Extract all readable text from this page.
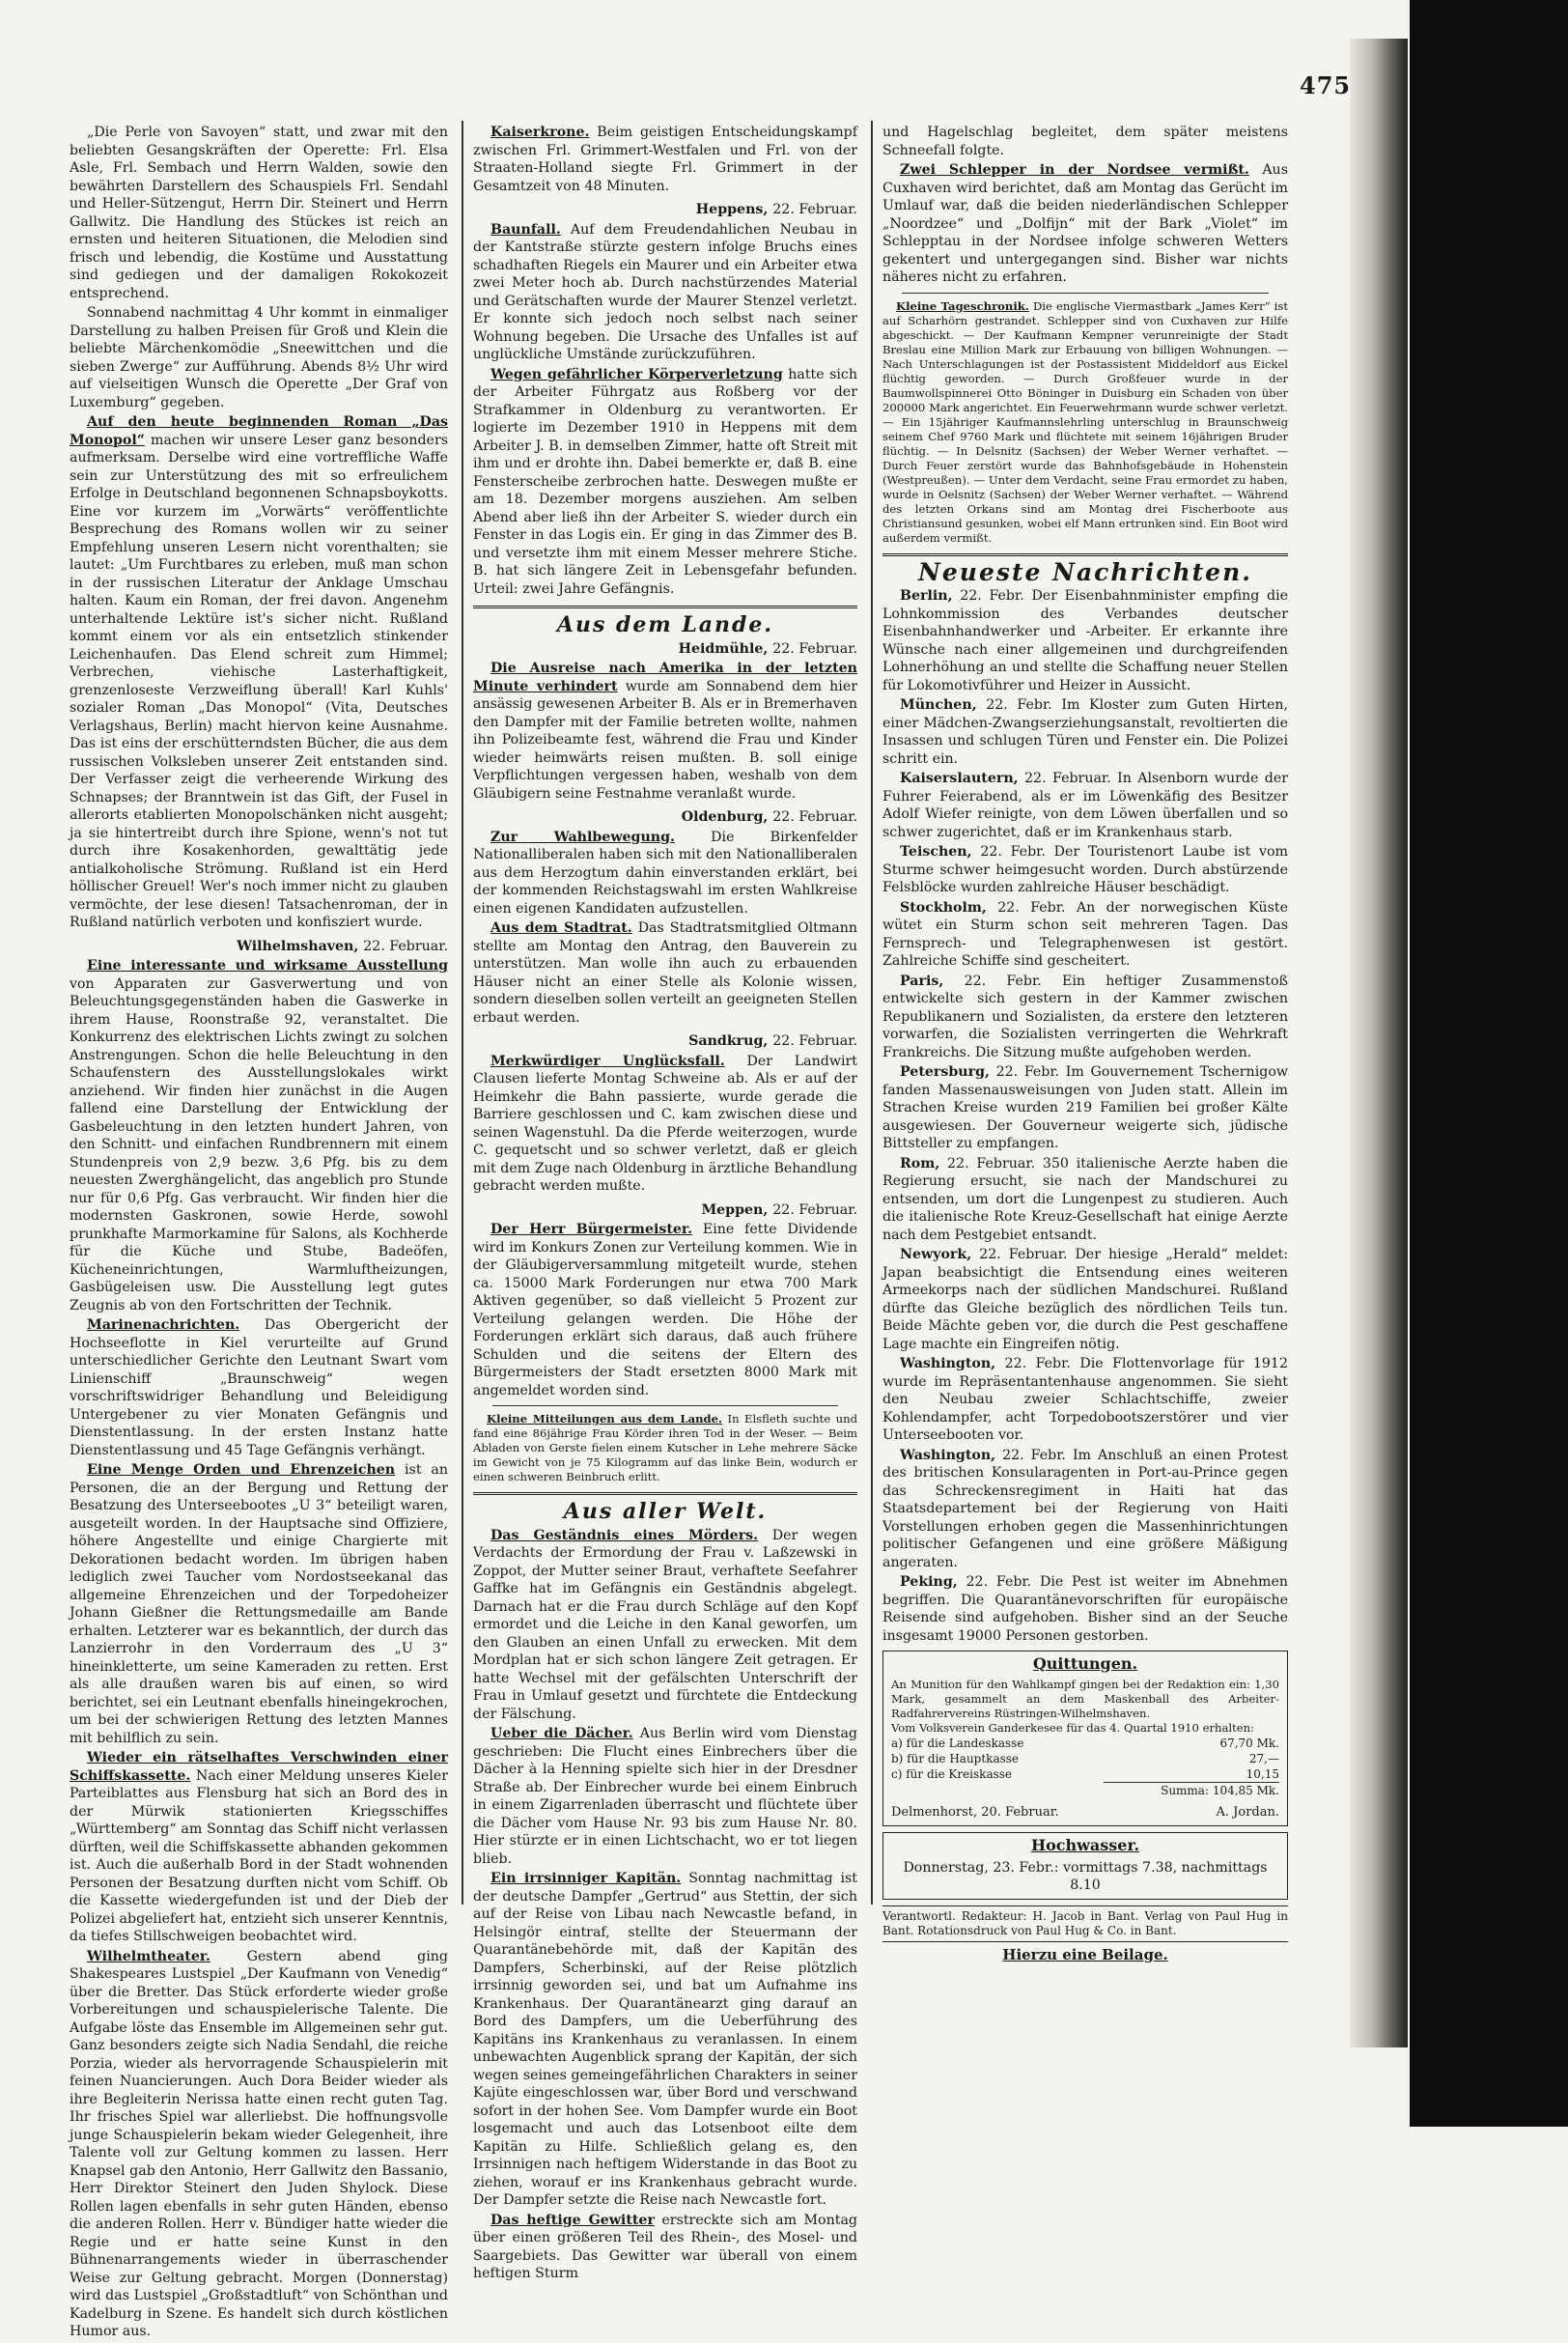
475

„Die Perle von Savoyen“ statt, und zwar mit den beliebten Gesangskräften der Operette: Frl. Elsa Asle, Frl. Sembach und Herrn Walden, sowie den bewährten Darstellern des Schauspiels Frl. Sendahl und Heller-Sützengut, Herrn Dir. Steinert und Herrn Gallwitz. Die Handlung des Stückes ist reich an ernsten und heiteren Situationen, die Melodien sind frisch und lebendig, die Kostüme und Ausstattung sind gediegen und der damaligen Rokokozeit entsprechend.

Sonnabend nachmittag 4 Uhr kommt in einmaliger Darstellung zu halben Preisen für Groß und Klein die beliebte Märchenkomödie „Sneewittchen und die sieben Zwerge“ zur Aufführung. Abends 8½ Uhr wird auf vielseitigen Wunsch die Operette „Der Graf von Luxemburg“ gegeben.

Auf den heute beginnenden Roman „Das Monopol“ machen wir unsere Leser ganz besonders aufmerksam. Derselbe wird eine vortreffliche Waffe sein zur Unterstützung des mit so erfreulichem Erfolge in Deutschland begonnenen Schnapsboykotts. Eine vor kurzem im „Vorwärts“ veröffentlichte Besprechung des Romans wollen wir zu seiner Empfehlung unseren Lesern nicht vorenthalten; sie lautet: „Um Furchtbares zu erleben, muß man schon in der russischen Literatur der Anklage Umschau halten. Kaum ein Roman, der frei davon. Angenehm unterhaltende Lektüre ist's sicher nicht. Rußland kommt einem vor als ein entsetzlich stinkender Leichenhaufen. Das Elend schreit zum Himmel; Verbrechen, viehische Lasterhaftigkeit, grenzenloseste Verzweiflung überall! Karl Kuhls' sozialer Roman „Das Monopol“ (Vita, Deutsches Verlagshaus, Berlin) macht hiervon keine Ausnahme. Das ist eins der erschütterndsten Bücher, die aus dem russischen Volksleben unserer Zeit entstanden sind. Der Verfasser zeigt die verheerende Wirkung des Schnapses; der Branntwein ist das Gift, der Fusel in allerorts etablierten Monopolschänken nicht ausgeht; ja sie hintertreibt durch ihre Spione, wenn's not tut durch ihre Kosakenhorden, gewalttätig jede antialkoholische Strömung. Rußland ist ein Herd höllischer Greuel! Wer's noch immer nicht zu glauben vermöchte, der lese diesen! Tatsachenroman, der in Rußland natürlich verboten und konfisziert wurde.

Wilhelmshaven, 22. Februar.

Eine interessante und wirksame Ausstellung von Apparaten zur Gasverwertung und von Beleuchtungsgegenständen haben die Gaswerke in ihrem Hause, Roonstraße 92, veranstaltet. Die Konkurrenz des elektrischen Lichts zwingt zu solchen Anstrengungen. Schon die helle Beleuchtung in den Schaufenstern des Ausstellungslokales wirkt anziehend. Wir finden hier zunächst in die Augen fallend eine Darstellung der Entwicklung der Gasbeleuchtung in den letzten hundert Jahren, von den Schnitt- und einfachen Rundbrennern mit einem Stundenpreis von 2,9 bezw. 3,6 Pfg. bis zu dem neuesten Zwerghängelicht, das angeblich pro Stunde nur für 0,6 Pfg. Gas verbraucht. Wir finden hier die modernsten Gaskronen, sowie Herde, sowohl prunkhafte Marmorkamine für Salons, als Kochherde für die Küche und Stube, Badeöfen, Kücheneinrichtungen, Warmluftheizungen, Gasbügeleisen usw. Die Ausstellung legt gutes Zeugnis ab von den Fortschritten der Technik.

Marinenachrichten. Das Obergericht der Hochseeflotte in Kiel verurteilte auf Grund unterschiedlicher Gerichte den Leutnant Swart vom Linienschiff „Braunschweig“ wegen vorschriftswidriger Behandlung und Beleidigung Untergebener zu vier Monaten Gefängnis und Dienstentlassung. In der ersten Instanz hatte Dienstentlassung und 45 Tage Gefängnis verhängt.

Eine Menge Orden und Ehrenzeichen ist an Personen, die an der Bergung und Rettung der Besatzung des Unterseebootes „U 3“ beteiligt waren, ausgeteilt worden. In der Hauptsache sind Offiziere, höhere Angestellte und einige Chargierte mit Dekorationen bedacht worden. Im übrigen haben lediglich zwei Taucher vom Nordostseekanal das allgemeine Ehrenzeichen und der Torpedoheizer Johann Gießner die Rettungsmedaille am Bande erhalten. Letzterer war es bekanntlich, der durch das Lanzierrohr in den Vorderraum des „U 3“ hineinkletterte, um seine Kameraden zu retten. Erst als alle draußen waren bis auf einen, so wird berichtet, sei ein Leutnant ebenfalls hineingekrochen, um bei der schwierigen Rettung des letzten Mannes mit behilflich zu sein.

Wieder ein rätselhaftes Verschwinden einer Schiffskassette. Nach einer Meldung unseres Kieler Parteiblattes aus Flensburg hat sich an Bord des in der Mürwik stationierten Kriegsschiffes „Württemberg“ am Sonntag das Schiff nicht verlassen dürften, weil die Schiffskassette abhanden gekommen ist. Auch die außerhalb Bord in der Stadt wohnenden Personen der Besatzung durften nicht vom Schiff. Ob die Kassette wiedergefunden ist und der Dieb der Polizei abgeliefert hat, entzieht sich unserer Kenntnis, da tiefes Stillschweigen beobachtet wird.

Wilhelmtheater.	Gestern abend ging Shakespeares Lustspiel „Der Kaufmann von Venedig“ über die Bretter. Das Stück erforderte wieder große Vorbereitungen und schauspielerische Talente. Die Aufgabe löste das Ensemble im Allgemeinen sehr gut. Ganz besonders zeigte sich Nadia Sendahl, die reiche Porzia, wieder als hervorragende Schauspielerin mit feinen Nuancierungen. Auch Dora Beider wieder als ihre Begleiterin Nerissa hatte einen recht guten Tag. Ihr frisches Spiel war allerliebst. Die hoffnungsvolle junge Schauspielerin bekam wieder Gelegenheit, ihre Talente voll zur Geltung kommen zu lassen. Herr Knapsel gab den Antonio, Herr Gallwitz den Bassanio, Herr Direktor Steinert den Juden Shylock. Diese Rollen lagen ebenfalls in sehr guten Händen, ebenso die anderen Rollen. Herr v. Bündiger hatte wieder die Regie und er hatte seine Kunst in den Bühnenarrangements wieder in überraschender Weise zur Geltung gebracht. Morgen (Donnerstag) wird das Lustspiel „Großstadtluft“ von Schönthan und Kadelburg in Szene. Es handelt sich durch köstlichen Humor aus.

Kaiserkrone. Beim geistigen Entscheidungskampf zwischen Frl. Grimmert-Westfalen und Frl. von der Straaten-Holland siegte Frl. Grimmert in der Gesamtzeit von 48 Minuten.

Heppens, 22. Februar.

Baunfall. Auf dem Freudendahlichen Neubau in der Kantstraße stürzte gestern infolge Bruchs eines schadhaften Riegels ein Maurer und ein Arbeiter etwa zwei Meter hoch ab. Durch nachstürzendes Material und Gerätschaften wurde der Maurer Stenzel verletzt. Er konnte sich jedoch noch selbst nach seiner Wohnung begeben. Die Ursache des Unfalles ist auf unglückliche Umstände zurückzuführen.

Wegen gefährlicher Körperverletzung hatte sich der Arbeiter Führgatz aus Roßberg vor der Strafkammer in Oldenburg zu verantworten. Er logierte im Dezember 1910 in Heppens mit dem Arbeiter J. B. in demselben Zimmer, hatte oft Streit mit ihm und er drohte ihn. Dabei bemerkte er, daß B. eine Fensterscheibe zerbrochen hatte. Deswegen mußte er am 18. Dezember morgens ausziehen. Am selben Abend aber ließ ihn der Arbeiter S. wieder durch ein Fenster in das Logis ein. Er ging in das Zimmer des B. und versetzte ihm mit einem Messer mehrere Stiche. B. hat sich längere Zeit in Lebensgefahr befunden. Urteil: zwei Jahre Gefängnis.

Aus dem Lande.
Heidmühle, 22. Februar.

Die Ausreise nach Amerika in der letzten Minute verhindert wurde am Sonnabend dem hier ansässig gewesenen Arbeiter B. Als er in Bremerhaven den Dampfer mit der Familie betreten wollte, nahmen ihn Polizeibeamte fest, während die Frau und Kinder wieder heimwärts reisen mußten. B. soll einige Verpflichtungen vergessen haben, weshalb von dem Gläubigern seine Festnahme veranlaßt wurde.

Oldenburg, 22. Februar.

Zur Wahlbewegung.	Die Birkenfelder Nationalliberalen haben sich mit den Nationalliberalen aus dem Herzogtum dahin einverstanden erklärt, bei der kommenden Reichstagswahl im ersten Wahlkreise einen eigenen Kandidaten aufzustellen.

Aus dem Stadtrat. Das Stadtratsmitglied Oltmann stellte am Montag den Antrag, den Bauverein zu unterstützen. Man wolle ihn auch zu erbauenden Häuser nicht an einer Stelle als Kolonie wissen, sondern dieselben sollen verteilt an geeigneten Stellen erbaut werden.

Sandkrug, 22. Februar.

Merkwürdiger Unglücksfall. Der Landwirt Clausen lieferte Montag Schweine ab. Als er auf der Heimkehr die Bahn passierte, wurde gerade die Barriere geschlossen und C. kam zwischen diese und seinen Wagenstuhl. Da die Pferde weiterzogen, wurde C. gequetscht und so schwer verletzt, daß er gleich mit dem Zuge nach Oldenburg in ärztliche Behandlung gebracht werden mußte.

Meppen, 22. Februar.

Der Herr Bürgermeister. Eine fette Dividende wird im Konkurs Zonen zur Verteilung kommen. Wie in der Gläubigerversammlung mitgeteilt wurde, stehen ca. 15000 Mark Forderungen nur etwa 700 Mark Aktiven gegenüber, so daß vielleicht 5 Prozent zur Verteilung gelangen werden. Die Höhe der Forderungen erklärt sich daraus, daß auch frühere Schulden und die seitens der Eltern des Bürgermeisters der Stadt ersetzten 8000 Mark mit angemeldet worden sind.

Kleine Mitteilungen aus dem Lande. In Elsfleth suchte und fand eine 86jährige Frau Körder ihren Tod in der Weser. — Beim Abladen von Gerste fielen einem Kutscher in Lehe mehrere Säcke im Gewicht von je 75 Kilogramm auf das linke Bein, wodurch er einen schweren Beinbruch erlitt.

Aus aller Welt.

Das Geständnis eines Mörders. Der wegen Verdachts der Ermordung der Frau v. Laßzewski in Zoppot, der Mutter seiner Braut, verhaftete Seefahrer Gaffke hat im Gefängnis ein Geständnis abgelegt. Darnach hat er die Frau durch Schläge auf den Kopf ermordet und die Leiche in den Kanal geworfen, um den Glauben an einen Unfall zu erwecken. Mit dem Mordplan hat er sich schon längere Zeit getragen. Er hatte Wechsel mit der gefälschten Unterschrift der Frau in Umlauf gesetzt und fürchtete die Entdeckung der Fälschung.

Ueber die Dächer. Aus Berlin wird vom Dienstag geschrieben: Die Flucht eines Einbrechers über die Dächer à la Henning spielte sich hier in der Dresdner Straße ab. Der Einbrecher wurde bei einem Einbruch in einem Zigarrenladen überrascht und flüchtete über die Dächer vom Hause Nr. 93 bis zum Hause Nr. 80. Hier stürzte er in einen Lichtschacht, wo er tot liegen blieb.

Ein irrsinniger Kapitän. Sonntag nachmittag ist der deutsche Dampfer „Gertrud“ aus Stettin, der sich auf der Reise von Libau nach Newcastle befand, in Helsingör eintraf, stellte der Steuermann der Quarantänebehörde mit, daß der Kapitän des Dampfers, Scherbinski, auf der Reise plötzlich irrsinnig geworden sei, und bat um Aufnahme ins Krankenhaus. Der Quarantänearzt ging darauf an Bord des Dampfers, um die Ueberführung des Kapitäns ins Krankenhaus zu veranlassen. In einem unbewachten Augenblick sprang der Kapitän, der sich wegen seines gemeingefährlichen Charakters in seiner Kajüte eingeschlossen war, über Bord und verschwand sofort in der hohen See. Vom Dampfer wurde ein Boot losgemacht und auch das Lotsenboot eilte dem Kapitän zu Hilfe. Schließlich gelang es, den Irrsinnigen nach heftigem Widerstande in das Boot zu ziehen, worauf er ins Krankenhaus gebracht wurde. Der Dampfer setzte die Reise nach Newcastle fort.

Das heftige Gewitter erstreckte sich am Montag über einen größeren Teil des Rhein-, des Mosel- und Saargebiets. Das Gewitter war überall von einem heftigen Sturm

und Hagelschlag begleitet, dem später meistens Schneefall folgte.

Zwei Schlepper in der Nordsee vermißt. Aus Cuxhaven wird berichtet, daß am Montag das Gerücht im Umlauf war, daß die beiden niederländischen Schlepper „Noordzee“ und „Dolfijn“ mit der Bark „Violet“ im Schlepptau in der Nordsee infolge schweren Wetters gekentert und untergegangen sind. Bisher war nichts näheres nicht zu erfahren.

Kleine Tageschronik. Die englische Viermastbark „James Kerr“ ist auf Scharhörn gestrandet. Schlepper sind von Cuxhaven zur Hilfe abgeschickt. — Der Kaufmann Kempner verunreinigte der Stadt Breslau eine Million Mark zur Erbauung von billigen Wohnungen. — Nach Unterschlagungen ist der Postassistent Middeldorf aus Eickel flüchtig geworden. — Durch Großfeuer wurde in der Baumwollspinnerei Otto Böninger in Duisburg ein Schaden von über 200000 Mark angerichtet. Ein Feuerwehrmann wurde schwer verletzt. — Ein 15jähriger Kaufmannslehrling unterschlug in Braunschweig seinem Chef 9760 Mark und flüchtete mit seinem 16jährigen Bruder flüchtig. — In Delsnitz (Sachsen) der Weber Werner verhaftet. — Durch Feuer zerstört wurde das Bahnhofsgebäude in Hohenstein (Westpreußen). — Unter dem Verdacht, seine Frau ermordet zu haben, wurde in Oelsnitz (Sachsen) der Weber Werner verhaftet. — Während des letzten Orkans sind am Montag drei Fischerboote aus Christiansund gesunken, wobei elf Mann ertrunken sind. Ein Boot wird außerdem vermißt.

Neueste Nachrichten.

Berlin, 22. Febr. Der Eisenbahnminister empfing die Lohnkommission des Verbandes deutscher Eisenbahnhandwerker und -Arbeiter. Er erkannte ihre Wünsche nach einer allgemeinen und durchgreifenden Lohnerhöhung an und stellte die Schaffung neuer Stellen für Lokomotivführer und Heizer in Aussicht.

München, 22. Febr. Im Kloster zum Guten Hirten, einer Mädchen-Zwangserziehungsanstalt, revoltierten die Insassen und schlugen Türen und Fenster ein. Die Polizei schritt ein.

Kaiserslautern, 22. Februar. In Alsenborn wurde der Fuhrer Feierabend, als er im Löwenkäfig des Besitzer Adolf Wiefer reinigte, von dem Löwen überfallen und so schwer zugerichtet, daß er im Krankenhaus starb.

Teischen, 22. Febr. Der Touristenort Laube ist vom Sturme schwer heimgesucht worden. Durch abstürzende Felsblöcke wurden zahlreiche Häuser beschädigt.

Stockholm, 22. Febr. An der norwegischen Küste wütet ein Sturm schon seit mehreren Tagen. Das Fernsprech- und Telegraphenwesen ist gestört. Zahlreiche Schiffe sind gescheitert.

Paris, 22. Febr. Ein heftiger Zusammenstoß entwickelte sich gestern in der Kammer zwischen Republikanern und Sozialisten, da erstere den letzteren vorwarfen, die Sozialisten verringerten die Wehrkraft Frankreichs. Die Sitzung mußte aufgehoben werden.

Petersburg, 22. Febr. Im Gouvernement Tschernigow fanden Massenausweisungen von Juden statt. Allein im Strachen Kreise wurden 219 Familien bei großer Kälte ausgewiesen. Der Gouverneur weigerte sich, jüdische Bittsteller zu empfangen.

Rom, 22. Februar. 350 italienische Aerzte haben die Regierung ersucht, sie nach der Mandschurei zu entsenden, um dort die Lungenpest zu studieren. Auch die italienische Rote Kreuz-Gesellschaft hat einige Aerzte nach dem Pestgebiet entsandt.

Newyork, 22. Februar. Der hiesige „Herald“ meldet: Japan beabsichtigt die Entsendung eines weiteren Armeekorps nach der südlichen Mandschurei. Rußland dürfte das Gleiche bezüglich des nördlichen Teils tun. Beide Mächte geben vor, die durch die Pest geschaffene Lage machte ein Eingreifen nötig.

Washington, 22. Febr. Die Flottenvorlage für 1912 wurde im Repräsentantenhause angenommen. Sie sieht den Neubau zweier Schlachtschiffe, zweier Kohlendampfer, acht Torpedobootszerstörer und vier Unterseebooten vor.

Washington, 22. Febr. Im Anschluß an einen Protest des britischen Konsularagenten in Port-au-Prince gegen das Schreckensregiment in Haiti hat das Staatsdepartement bei der Regierung von Haiti Vorstellungen erhoben gegen die Massenhinrichtungen politischer Gefangenen und eine größere Mäßigung angeraten.

Peking, 22. Febr. Die Pest ist weiter im Abnehmen begriffen. Die Quarantänevorschriften für europäische Reisende sind aufgehoben. Bisher sind an der Seuche insgesamt 19000 Personen gestorben.

Quittungen.
An Munition für den Wahlkampf gingen bei der Redaktion ein: 1,30 Mark, gesammelt an dem Maskenball des Arbeiter-Radfahrervereins Rüstringen-Wilhelmshaven.
Vom Volksverein Ganderkesee für das 4. Quartal 1910 erhalten:
a) für die Landeskasse	67,70 Mk.
b) für die Hauptkasse	27,—
c) für die Kreiskasse	10,15
Summa: 104,85 Mk.
Delmenhorst, 20. Februar.	A. Jordan.
Hochwasser.
Donnerstag, 23. Febr.: vormittags 7.38, nachmittags 8.10
Verantwortl. Redakteur: H. Jacob in Bant. Verlag von Paul Hug in Bant. Rotationsdruck von Paul Hug & Co. in Bant.
Hierzu eine Beilage.
